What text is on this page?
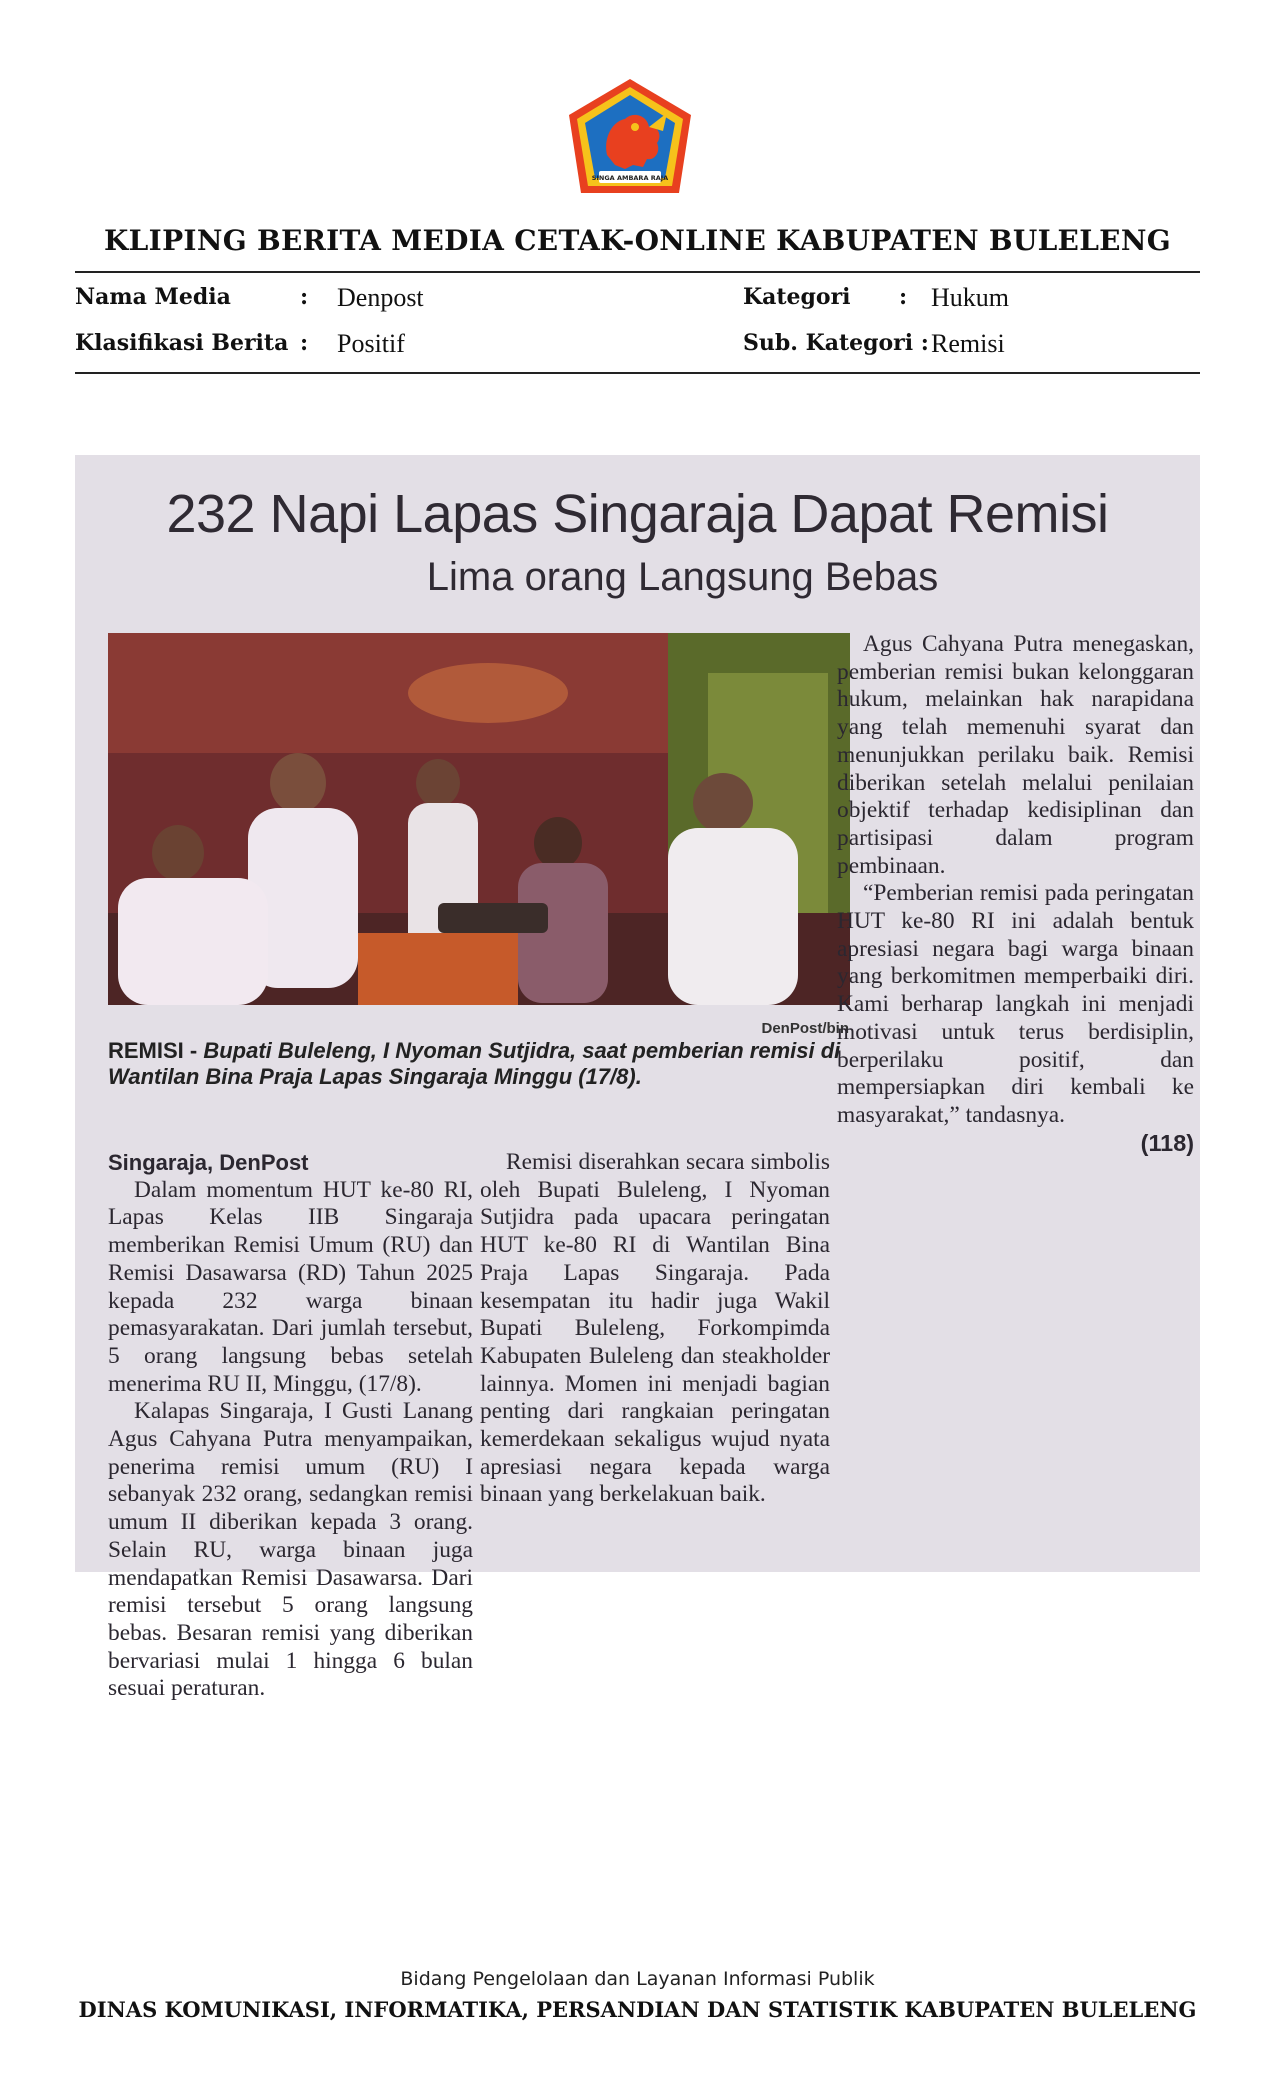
SINGA AMBARA RAJA
KLIPING BERITA MEDIA CETAK-ONLINE KABUPATEN BULELENG
Nama Media	: Denpost	Kategori : Hukum
Klasifikasi Berita : Positif	Sub. Kategori : Remisi
232 Napi Lapas Singaraja Dapat Remisi
Lima orang Langsung Bebas
DenPost/bin
REMISI - Bupati Buleleng, I Nyoman Sutjidra, saat pemberian remisi di Wantilan Bina Praja Lapas Singaraja Minggu (17/8).

Singaraja, DenPost

Dalam momentum HUT ke-80 RI, Lapas Kelas IIB Singaraja memberikan Remisi Umum (RU) dan Remisi Dasawarsa (RD) Tahun 2025 kepada 232 warga binaan pemasyarakatan. Dari jumlah tersebut, 5 orang langsung bebas setelah menerima RU II, Minggu, (17/8).

Kalapas Singaraja, I Gusti Lanang Agus Cahyana Putra menyampaikan, penerima remisi umum (RU) I sebanyak 232 orang, sedangkan remisi umum II diberikan kepada 3 orang. Selain RU, warga binaan juga mendapatkan Remisi Dasawarsa. Dari remisi tersebut 5 orang langsung bebas. Besaran remisi yang diberikan bervariasi mulai 1 hingga 6 bulan sesuai peraturan.

Remisi diserahkan secara simbolis oleh Bupati Buleleng, I Nyoman Sutjidra pada upacara peringatan HUT ke-80 RI di Wantilan Bina Praja Lapas Singaraja. Pada kesempatan itu hadir juga Wakil Bupati Buleleng, Forkompimda Kabupaten Buleleng dan steakholder lainnya. Momen ini menjadi bagian penting dari rangkaian peringatan kemerdekaan sekaligus wujud nyata apresiasi negara kepada warga binaan yang berkelakuan baik.

Agus Cahyana Putra menegaskan, pemberian remisi bukan kelonggaran hukum, melainkan hak narapidana yang telah memenuhi syarat dan menunjukkan perilaku baik. Remisi diberikan setelah melalui penilaian objektif terhadap kedisiplinan dan partisipasi dalam program pembinaan.

“Pemberian remisi pada peringatan HUT ke-80 RI ini adalah bentuk apresiasi negara bagi warga binaan yang berkomitmen memperbaiki diri. Kami berharap langkah ini menjadi motivasi untuk terus berdisiplin, berperilaku positif, dan mempersiapkan diri kembali ke masyarakat,” tandasnya.

(118)

Bidang Pengelolaan dan Layanan Informasi Publik
DINAS KOMUNIKASI, INFORMATIKA, PERSANDIAN DAN STATISTIK KABUPATEN BULELENG
